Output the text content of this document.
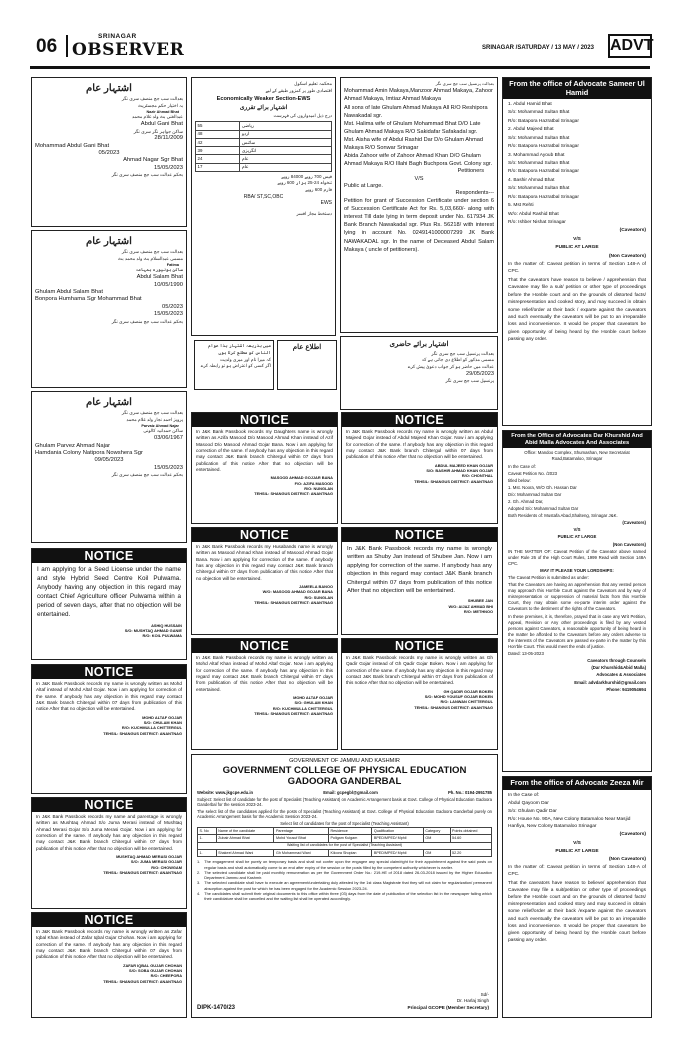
06	SRINAGAR
OBSERVER	SRINAGAR /SATURDAY / 13 MAY / 2023 ADVT
اشتہار عام
بعدالت سب جج منصف سری نگر
بہ اختیار حکم مجسٹریٹ
Nazir Ahmad Bhat
عبدالغنی بٹ ولد غلام محمد
Abdul Gani Bhat
ساکن جواہر نگر سری نگر
28/11/2009
Mohammad Abdul Gani Bhat
05/2023
Ahmad Nagar Sgr Bhat
15/05/2023
بحکم عدالت سب جج منصف سری نگر
اشتہار عام
بعدالت سب جج منصف سری نگر
مسمی عبدالسلام بٹ ولد محمد بٹ
Fatima
ساکن بونپورہ ہمہامہ
Abdul Salam Bhat
10/05/1990
Ghulam Abdul Salam Bhat
Bonpora Humhama Sgr Mohammad Bhat
05/2023
15/05/2023
بحکم عدالت سب جج منصف سری نگر
اشتہار عام
بعدالت سب جج منصف سری نگر
پرویز احمد نجار ولد غلام محمد
Parvaiz Ahmad Najar
ساکن حمدانیہ کالونی
03/06/1967
Ghulam Parvez Ahmad Najar
Hamdania Colony Natipora Nowshera Sgr
09/05/2023
15/05/2023
بحکم عدالت سب جج منصف سری نگر
NOTICE
I am applying for a Seed License under the name and style Hybrid Seed Centre Koil Pulwama. Anybody having any objection in this regard may contact Chief Agriculture officer Pulwama within a period of seven days, after that no objection will be entertained.
ASHIQ HUSSAIN
S/O: MUSHTAQ AHMAD GANIE
R/O: KOIL PULWAMA
NOTICE
In J&K Bank Passbook records my name is wrongly written as Mohd Altaf instead of Mohd Altaf Gojar. Now i am applying for correction of the same. If anybody has any objection in this regard may contact J&K Bank branch Chitergul within 07 days from publication of this notice After that no objection will be entertained.
MOHD ALTAF GOJAR
S/O: CHULAM KHAN
R/O: KUCHMULLA CHITTERGUL
TEHSIL: SHANGUS DISTRICT: ANANTNAG
NOTICE
In J&K Bank Passbook records my name and parentage is wrongly written as Mushtaq Ahmad S/o Juma Merasi instead of Mushtaq Ahmad Merasi Gojar S/o Juma Merasi Gojar. Now i am applying for correction of the same. If anybody has any objection in this regard may contact J&K Bank branch Chitergul within 07 days from publication of this notice After that no objection will be entertained.
MUSHTAQ AHMAD MERASI GOJAR
S/O: JUMA MERASI GOJAR
R/O: CHOWGAM
TEHSIL: SHANGUS DISTRICT: ANANTNAG
NOTICE
In J&K Bank Passbook records my name is wrongly written as Zafar Iqbal Khan instead of Zafar Iqbal Gujar Chohan. Now i am applying for correction of the same. If anybody has any objection in this regard may contact J&K Bank branch Chitergul within 07 days from publication of this notice After that no objection will be entertained.
ZAFAR IQBAL GUJAR CHOHAN
S/O: SOBA GUJAR CHOHAN
R/O: CHEEPORA
TEHSIL: SHANGUS DISTRICT: ANANTNAG
محکمہ تعلیم اسکول
اقتصادی طور پر کمزور طبقے کے لیے
Economically Weaker Section-EWS
اشتہار برائے تقرری
درج ذیل امیدواروں کی فہرست
ریاضی	55
اردو	48
سائنس	42
انگریزی	39
عام	24
عام	17
فیس 700 روپے 84000 روپے
تنخواہ 24-25 ہزار 600 روپے
فارم 600 روپے
RBA/ ST,SC,OBC
EWS
دستخط مجاز افسر
میں بذریعہ اشتہار ہذا عوام الناس کو مطلع کرتا ہوں
کہ میرا نام اور میری ولدیت
اگر کسی کو اعتراض ہو تو رابطہ کرے
اطلاع عام
بعدالت پرنسپل سب جج سری نگر
Mohammad Amin Makaya,Manzoor Ahmad Makaya, Zahoor Ahmad Makaya, Imtiaz Ahmad Makaya
All sons of late Ghulam Ahmad Makaya All R/O Reshipora Nawakadal sgr.
Mst. Halima wife of Ghulam Mohammad Bhat D/O Late Ghulam Ahmad Makaya R/O Sakidafar Safakadal sgr.
Mst. Aisha wife of Abdul Rashid Dar D/o Ghulam Ahmad Makaya R/O Sonwar Srinagar
Abida Zahoor wife of Zahoor Ahmad Khan D/O Ghulam Ahmad Makaya R/O Illahi Bagh Buchpora Govt. Colony sgr.
Petitioners
V/S
Public at Large.
Respondents---
Petition for grant of Succession Certificate under section 6 of Succession Certificate Act for Rs. 5,03,660/- along with interest Till date lying in term deposit under No. 617934 JK Bank Branch Nawakadal sgr. Plus Rs. 56218/ with interest lying in account No. 0249141000007299 JK Bank NAWAKADAL sgr. In the name of Deceased Abdul Salam Makaya ( uncle of petitioners).
اشتہار برائے حاضری
بعدالت پرنسپل سب جج سری نگر
مسمی مذکور کو اطلاع دی جاتی ہے کہ
عدالت میں حاضر ہو کر جواب دعویٰ پیش کرے
29/05/2023
پرنسپل سب جج سری نگر
NOTICE
In J&K Bank Passbook records my Daughters name is wrongly written as Azifa Masood D/o Masood Ahmad Khan instead of Azif Masood D/o Masood Ahmad Gojar Bana. Now i am applying for correction of the same. If anybody has any objection in this regard may contact J&K Bank branch Chitergul within 07 days from publication of this notice After that no objection will be entertained.
MASOOD AHMAD GOJJAR BANA
F/O: AZIFA MASOOD
R/O: NUNGLAN
TEHSIL: SHANGUS DISTRICT: ANANTNAG
NOTICE
In J&K Bank Passbook records my name is wrongly written as Abdul Majeed Gojar instead of Abdul Majeed Khan Gojar. Now i am applying for correction of the same. If anybody has any objection in this regard may contact J&K Bank branch Chitergul within 07 days from publication of this notice After that no objection will be entertained.
ABDUL MAJEED KHAN GOJAR
S/O: BASHIR AHMAD KHAN GOJAR
R/O: CHONTHAL
TEHSIL: SHANGUS DISTRICT: ANANTNAG
NOTICE
In J&K Bank Passbook records my Husabands name is wrongly written as Masood Ahmad Khan instead of Masood Ahmad Gojar Bana. Now i am applying for correction of the same. If anybody has any objection in this regard may contact J&K Bank branch Chitergul within 07 days from publication of this notice After that no objection will be entertained.
JAMEELA BANOO
W/O: MASOOD AHMAD GOJAR BANA
R/O: SUNGLAN
TEHSIL: SHANGUS DISTRICT: ANANTNAG
NOTICE
In J&K Bank Passbook records my name is wrongly written as Shuby Jan instead of Shubee Jan. Now i am applying for correction of the same. If anybody has any objection in this regard may contact J&K Bank branch Chitergul within 07 days from publication of this notice After that no objection will be entertained.
SHUBEE JAN
W/O: AIJAZ AHMAD BHI
R/O: METHNOO
NOTICE
In J&K Bank Passbook records my name is wrongly written as Mohd Altaf Khan instead of Mohd Altaf Gojar. Now i am applying for correction of the same. If anybody has any objection in this regard may contact J&K Bank branch Chitergul within 07 days from publication of this notice After that no objection will be entertained.
MOHD ALTAF GOJAR
S/O: GHULAM KHAN
R/O: KUCHMULLA CHITTERGUL
TEHSIL: SHANGUS DISTRICT: ANANTNAG
NOTICE
In J&K Bank Passbook records my name is wrongly written as Gh Qadir Gojar instead of Gh Qadir Gojar Boken. Now i am applying for correction of the same. If anybody has any objection in this regard may contact J&K Bank branch Chitergul within 07 days from publication of this notice After that no objection will be entertained.
GH QADIR GOJAR BOKEN
S/O: MOHD YOUSUF GOJAR BOKEN
R/O: LANWAN CHITTERGUL
TEHSIL: SHANGUS DISTRICT: ANANTNAG
GOVERNMENT OF JAMMU AND KASHMIR
GOVERNMENT COLLEGE OF PHYSICAL EDUCATION
GADOORA GANDERBAL
Website: www.jkgcpe.edu.in	Email: gcpegbl@gmail.com	Ph. No.: 0194-2951785
Subject: Select list of candidate for the post of Specialist (Teaching Assistant) on Academic Arrangement basis at Govt. College of Physical Education Gadoora Ganderbal for the session 2023-24.
The select list of the candidates applied for the posts of Specialist (Teaching Assistant) at Govt. College of Physical Education Gadoora Ganderbal purely on Academic Arrangement basis for the Academic Session 2023-24.
Select list of candidates for the post of Specialist (Teaching Assistant)
S. No	Name of the candidate	Parentage	Residence	Qualification	Category	Points obtained
1.	Zubair Ahmad Bhat	Mohd Yousuf Bhat	Poligam Kulgam	BPED/MPED/ Mphil	OM	54.60
Waiting list of candidates for the post of Specialist (Teaching Assistant)						
1.	Shakeel Ahmad Wani	Gh Mohammad Wani	Kiloora Shopian	BPED/MPED/ Mphil	OM	52.20
1. The engagement shall be purely on temporary basis and shall not confer upon the engagee any special claim/right for their appointment against the said posts on regular basis and shall automatically come to an end after expiry of the session or the posts filled by the competent authority whichever is earlier.
2. The selected candidate shall be paid monthly remuneration as per the Government Order No.: 219-HE of 2018 dated 26-03-2018 issued by the Higher Education Department Jammu and Kashmir.
3. The selected candidate shall have to execute an agreement/undertaking duly attested by the 1st class Magistrate that they will not claim for regularization/ permanent absorption against the post for which he has been engaged for the Academic Session 2023-24.
4. The candidates shall submit their original documents to this office within three (03) days from the date of publication of the selection list in the newspaper failing which their candidature shall be cancelled and the waiting list shall be operated accordingly.
Sd/-
Dr. Harlaj Singh
Principal GCOPE (Member Secretary)
DIPK-1470/23
From the office of Advocate Sameer Ul Hamid

1. Abdul Hamid Bhat

S/o: Mohammad Sultan Bhat

R/o: Batapora Hazratbal Srinagar

2. Abdul Majeed Bhat

S/o: Mohammad Sultan Bhat

R/o: Batapora Hazratbal Srinagar

3. Mohammad Ayoub Bhat

S/o: Mohammad Sultan Bhat

R/o: Batapora Hazratbal Srinagar

4. Bashir Ahmad Bhat

S/o: Mohammad Sultan Bhat

R/o: Batapora Hazratbal Srinagar

5. Mst Rehti

W/o: Abdul Rashid Bhat

R/o: Ishber Nishat Srinagar

(Caveators)

V/S

PUBLIC AT LARGE

(Non Caveators)

In the matter of: Caveat petition in terms of Section 148-A of CPC.

That the caveators have reason to believe / apprehension that Caveatee may file a suit/ petition or other type of proceedings before the Honble court and on the grounds of distorted facts/ misrepresentation and cooked story, and may succeed in obtain some relief/order at their back / exparte against the caveators and such eventually the caveators will be put to an irreparable loss and inconvenience. It would be proper that caveators be given opportunity of being heard by the Honble court before passing any order.

From the Office of Advocates Dar Khurshid And Abid Malla Advocates And Associates

Office: Mandoo Complex, Shumashan, New Secretariat Road,Batamaloo, Srinagar

In the Case of:

Caveat Petition No. /2023

titled below:

1. Mst. Noora, W/O Gh. Hassan Dar

D/o: Mohammad Sultan Dar

2. Gh. Ahmad Dar,

Adopted S/o: Mohammad Sultan Dar

Both Residents of: Mustafa Abad,Shalteng, Srinagar J&K.

(Caveators)

V/S

PUBLIC AT LARGE

(Non Caveators)

IN THE MATTER OF: Caveat Petition of the Caveator above named under Rule 26 of the High Court Rules, 1999 Read with Section 148A CPC.

MAY IT PLEASE YOUR LORDSHIPS:

The Caveat Petition is submitted as under:

That the Caveators are having an apprehension that any vested person may approach this Hon'ble Court against the Caveators and by way of misrepresentation or suppression of material facts from this Hon'ble Court, they may obtain some ex-parte interim order against the Caveators to the detriment of the rights of the Caveators.

In these premises, it is, therefore, prayed that in case any Writ Petition, Appeal, Revision or Any other proceedings is filed by any vested persons against Caveators, a reasonable opportunity of being heard in the matter be afforded to the Caveators before any orders adverse to the interests of the Caveators are passed ex-parte in the matter by this Hon'ble Court. This would meet the ends of justice.

Dated: 13-05-2023

Caveators through Counsels

(Dar Khurshid&Abid Malla)

Advocates & Associates

Email: advdarkhurshid@gmail.com

Phone: 9419054694

From the office of Advocate Zeeza Mir

In the Case of:

Abdul Qayoom Dar

S/o: Ghulam Qadir Dar

R/o: House No. 90A, New Colony Batamaloo Near Masjid Hanfiya, New Colony Batamaloo Srinagar

(Caveators)

V/S

PUBLIC AT LARGE

(Non Caveators)

In the matter of: Caveat petition in terms of Section 148-A of CPC.

That the caveators have reason to believe/ apprehension that Caveatee may file a suit/petition or other type of proceedings before the Honble court and on the grounds of distorted facts/ misrepresentation and cooked story and may succeed in obtain some relief/order at their back /exparte against the caveators and such eventually the caveators will be put to an irreparable loss and inconvenience. It would be proper that caveators be given opportunity of being heard by the Honble court before passing any order.
